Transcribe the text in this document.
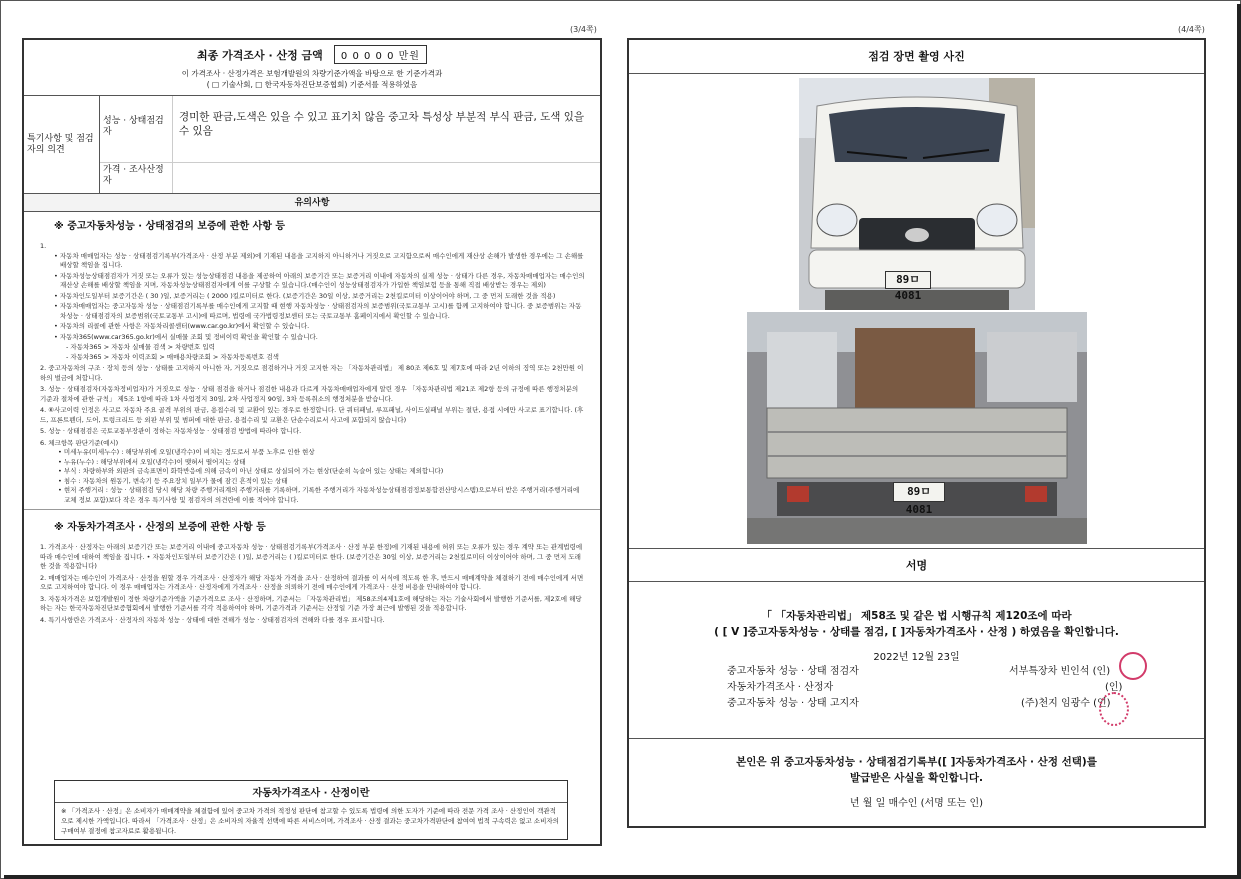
(3/4쪽)
최종 가격조사 · 산정 금액 0 0 0 0 0 만원
이 가격조사 · 산정가격은 보험개발원의 차량기준가액을 바탕으로 한 기준가격과
( □ 기술사회, □ 한국자동차진단보증협회) 기준서를 적용하였음
특기사항 및 점검자의 의견
성능 · 상태점검자
경미한 판금,도색은 있을 수 있고 표기치 않음 중고차 특성상 부분적 부식 판금, 도색 있을 수 있음
가격 · 조사산정자
유의사항
※ 중고자동차성능 · 상태점검의 보증에 관한 사항 등
1.
• 자동차 매매업자는 성능 · 상태점검기록부(가격조사 · 산정 부분 제외)에 기재된 내용을 고지하지 아니하거나 거짓으로 고지함으로써 매수인에게 재산상 손해가 발생한 경우에는 그 손해를 배상할 책임을 집니다.
• 자동차성능상태점검자가 거짓 또는 오류가 있는 성능상태점검 내용을 제공하여 아래의 보증기간 또는 보증거리 이내에 자동차의 실제 성능 · 상태가 다른 경우, 자동차매매업자는 매수인의 재산상 손해를 배상할 책임을 지며, 자동차성능상태점검자에게 이를 구상할 수 있습니다.(매수인이 성능상태점검자가 가입한 책임보험 등을 통해 직접 배상받는 경우는 제외)
• 자동차인도일부터 보증기간은 ( 30 )일, 보증거리는 ( 2000 )킬로미터로 한다. (보증기간은 30일 이상, 보증거리는 2천킬로미터 이상이어야 하며, 그 중 먼저 도래한 것을 적용)
• 자동차매매업자는 중고자동차 성능 · 상태점검기록부를 매수인에게 고지할 때 현행 자동차성능 · 상태점검자의 보증범위(국토교통부 고시)를 함께 고지하여야 합니다. 중 보증범위는 자동차성능 · 상태점검자의 보증범위(국토교통부 고시)에 따르며, 법령에 국가법령정보센터 또는 국토교통부 홈페이지에서 확인할 수 있습니다.
• 자동차의 리콜에 관한 사항은 자동차리콜센터(www.car.go.kr)에서 확인할 수 있습니다.
• 자동차365(www.car365.go.kr)에서 실매물 조회 및 정비이력 확인을 확인할 수 있습니다.
- 자동차365 > 자동차 실매물 검색 > 차량번호 입력
- 자동차365 > 자동차 이력조회 > 매매용차량조회 > 자동차등록번호 검색
2. 중고자동차의 구조 · 장치 등의 성능 · 상태를 고지하지 아니한 자, 거짓으로 점검하거나 거짓 고지한 자는 「자동차관리법」 제 80조 제6호 및 제7호에 따라 2년 이하의 징역 또는 2천만원 이하의 벌금에 처합니다.
3. 성능 · 상태점검자(자동차정비업자)가 거짓으로 성능 · 상태 점검을 하거나 점검한 내용과 다르게 자동차매매업자에게 알린 경우 「자동차관리법 제21조 제2항 등의 규정에 따른 행정처분의 기준과 절차에 관한 규칙」 제5조 1항에 따라 1차 사업정지 30일, 2차 사업정지 90일, 3차 등록취소의 행정처분을 받습니다.
4. ⑥사고이력 인정은 사고로 자동차 주요 골격 부위의 판금, 용접수리 및 교환이 있는 경우로 한정합니다. 단 쿼터패널, 루프패널, 사이드실패널 부위는 절단, 용접 시에만 사고로 표기합니다. (후드, 프론트펜더, 도어, 트렁크리드 등 외판 부위 및 범퍼에 대한 판금, 용접수리 및 교환은 단순수리로서 사고에 포함되지 않습니다)
5. 성능 · 상태점검은 국토교통부장관이 정하는 자동차성능 · 상태점검 방법에 따라야 합니다.
6. 체크항목 판단기준(예시)
• 미세누유(미세누수) : 해당부위에 오일(냉각수)이 비치는 정도로서 부품 노후로 인한 현상
• 누유(누수) : 해당부위에서 오일(냉각수)이 맺혀서 떨어지는 상태
• 부식 : 차량하부와 외판의 금속표면이 화학반응에 의해 금속이 아닌 상태로 상실되어 가는 현상(단순히 녹슬어 있는 상태는 제외합니다)
• 침수 : 자동차의 원동기, 변속기 등 주요장치 일부가 물에 잠긴 흔적이 있는 상태
• 현저 주행거리 : 성능 · 상태점검 당시 해당 차량 주행거리계의 주행거리를 기록하며, 기록한 주행거리가 자동차성능상태점검정보통합전산망시스템)으로부터 받은 주행거리(주행거리에 교체 정보 포함)보다 작은 경우 특기사항 및 점검자의 의견란에 이를 적어야 합니다.
※ 자동차가격조사 · 산정의 보증에 관한 사항 등
1. 가격조사 · 산정자는 아래의 보증기간 또는 보증거리 이내에 중고자동차 성능 · 상태점검기록부(가격조사 · 산정 부분 한정)에 기재된 내용에 허위 또는 오류가 있는 경우 계약 또는 관계법령에 따라 매수인에 대하여 책임을 집니다. • 자동차인도일부터 보증기간은 ( )일, 보증거리는 ( )킬로미터로 한다. (보증기간은 30일 이상, 보증거리는 2천킬로미터 이상이어야 하며, 그 중 먼저 도래한 것을 적용합니다)
2. 매매업자는 매수인이 가격조사 · 산정을 원할 경우 가격조사 · 산정자가 해당 자동차 가격을 조사 · 산정하여 결과를 이 서식에 적도록 한 후, 반드시 매매계약을 체결하기 전에 매수인에게 서면으로 고지하여야 합니다. 이 경우 매매업자는 가격조사 · 산정자에게 가격조사 · 산정을 의뢰하기 전에 매수인에게 가격조사 · 산정 비용을 안내하여야 합니다.
3. 자동차가격은 보험개발원이 정한 차량기준가액을 기준가격으로 조사 · 산정하며, 기준서는 「자동차관리법」 제58조의4제1호에 해당하는 자는 기술사회에서 발행한 기준서를, 제2호에 해당하는 자는 한국자동차진단보증협회에서 발행한 기준서를 각각 적용하여야 하며, 기준가격과 기준서는 산정일 기준 가장 최근에 발행된 것을 적용합니다.
4. 특기사항란은 가격조사 · 산정자의 자동차 성능 · 상태에 대한 견해가 성능 · 상태점검자의 견해와 다를 경우 표시합니다.
자동차가격조사 · 산정이란
※ 「가격조사 · 산정」은 소비자가 매매계약을 체결함에 있어 중고차 가격의 적정성 판단에 참고할 수 있도록 법령에 의한 도자가 기준에 따라 전문 가격 조사 · 산정인이 객관적으로 제시한 가액입니다. 따라서 「가격조사 · 산정」은 소비자의 자율적 선택에 따른 서비스이며, 가격조사 · 산정 결과는 중고차가격판단에 참여여 법적 구속력은 없고 소비자의 구매여부 결정에 참고자료로 활용됩니다.
(4/4쪽)
점검 장면 촬영 사진
89ㅁ4081
89ㅁ4081
서명
「 「자동차관리법」 제58조 및 같은 법 시행규칙 제120조에 따라
( [ V ]중고자동차성능 · 상태를 점검, [ ]자동차가격조사 · 산정 ) 하였음을 확인합니다.
2022년 12월 23일
중고자동차 성능 · 상태 점검자	서부특장차 빈인석 (인)
자동차가격조사 · 산정자	(인)
중고자동차 성능 · 상태 고지자	(주)천지 임광수 (인)
본인은 위 중고자동차성능 · 상태점검기록부([ ]자동차가격조사 · 산정 선택)를
발급받은 사실을 확인합니다.
년 월 일 매수인 (서명 또는 인)
